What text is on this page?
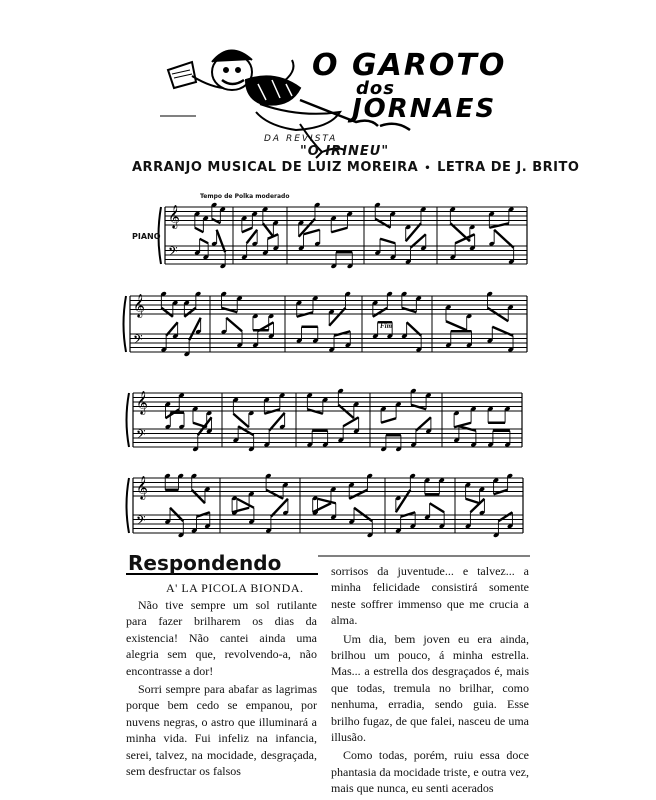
O GAROTO
dos
JORNAES
DA REVISTA
"O IRINEU"
ARRANJO MUSICAL DE LUIZ MOREIRA • LETRA DE J. BRITO
𝄞
𝄢
𝄞
𝄢
𝄞
𝄢
𝄞
𝄢
Tempo de Polka moderado
PIANO
Fim
Respondendo
A' LA PICOLA BIONDA.

Não tive sempre um sol rutilante para fazer brilharem os dias da existencia! Não cantei ainda uma alegria sem que, revolvendo-a, não encontrasse a dor!

Sorri sempre para abafar as lagrimas porque bem cedo se empanou, por nuvens negras, o astro que illuminará a minha vida. Fui infeliz na infancia, serei, talvez, na mocidade, desgraçada, sem desfructar os falsos

sorrisos da juventude... e talvez... a minha felicidade consistirá somente neste soffrer immenso que me crucia a alma.

Um dia, bem joven eu era ainda, brilhou um pouco, á minha estrella. Mas... a estrella dos desgraçados é, mais que todas, tremula no brilhar, como nenhuma, erradia, sendo guia. Esse brilho fugaz, de que falei, nasceu de uma illusão.

Como todas, porém, ruiu essa doce phantasia da mocidade triste, e outra vez, mais que nunca, eu senti acerados
